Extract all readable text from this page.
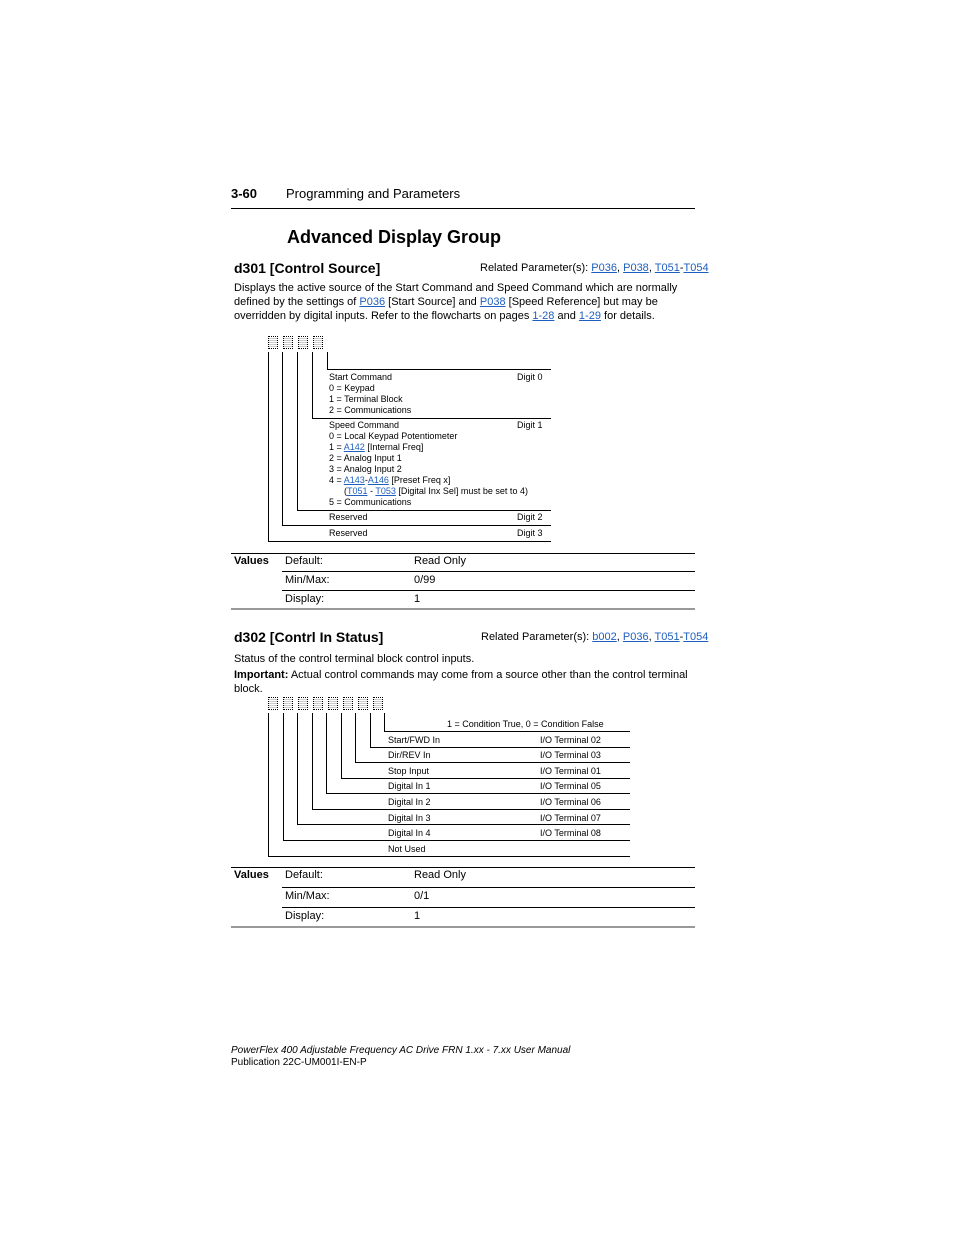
3-60 Programming and Parameters
Advanced Display Group
d301 [Control Source]	Related Parameter(s): P036, P038, T051-T054
Displays the active source of the Start Command and Speed Command which are normally defined by the settings of P036 [Start Source] and P038 [Speed Reference] but may be overridden by digital inputs. Refer to the flowcharts on pages 1-28 and 1-29 for details.
Start Command	Digit 0
0 = Keypad
1 = Terminal Block
2 = Communications
Speed Command	Digit 1
0 = Local Keypad Potentiometer
1 = A142 [Internal Freq]
2 = Analog Input 1
3 = Analog Input 2
4 = A143-A146 [Preset Freq x]
(T051 - T053 [Digital Inx Sel] must be set to 4)
5 = Communications
Reserved	Digit 2
Reserved	Digit 3
Values Default:	Read Only
Min/Max:	0/99
Display:	1
d302 [Contrl In Status]	Related Parameter(s): b002, P036, T051-T054
Status of the control terminal block control inputs.
Important: Actual control commands may come from a source other than the control terminal block.
1 = Condition True, 0 = Condition False
Start/FWD In	I/O Terminal 02
Dir/REV In	I/O Terminal 03
Stop Input	I/O Terminal 01
Digital In 1	I/O Terminal 05
Digital In 2	I/O Terminal 06
Digital In 3	I/O Terminal 07
Digital In 4	I/O Terminal 08
Not Used
Values Default:	Read Only
Min/Max:	0/1
Display:	1
PowerFlex 400 Adjustable Frequency AC Drive FRN 1.xx - 7.xx User Manual
Publication 22C-UM001I-EN-P
